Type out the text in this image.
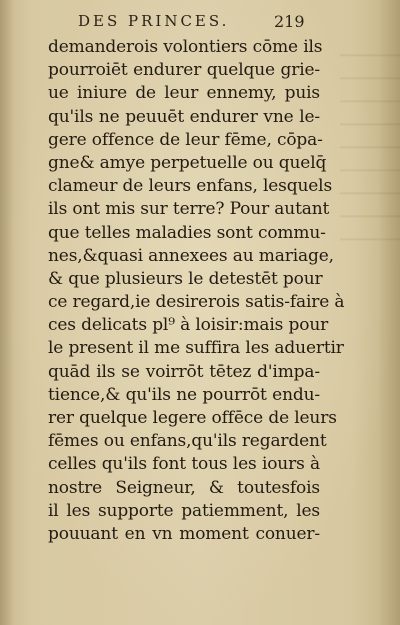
DES PRINCES.	219
demanderois volontiers cōme ils
pourroiēt endurer quelque grie-
ue iniure de leur ennemy, puis
qu'ils ne peuuēt endurer vne le-
gere offence de leur fēme, cōpa-
gne& amye perpetuelle ou quelq̄
clameur de leurs enfans, lesquels
ils ont mis sur terre? Pour autant
que telles maladies sont commu-
nes,&quasi annexees au mariage,
& que plusieurs le detestēt pour
ce regard,ie desirerois satis-faire à
ces delicats pl⁹ à loisir:mais pour
le present il me suffira les aduertir
quād ils se voirrōt tētez d'impa-
tience,& qu'ils ne pourrōt endu-
rer quelque legere offēce de leurs
fēmes ou enfans,qu'ils regardent
celles qu'ils font tous les iours à
nostre Seigneur, & toutesfois
il les supporte patiemment, les
pouuant en vn moment conuer-
